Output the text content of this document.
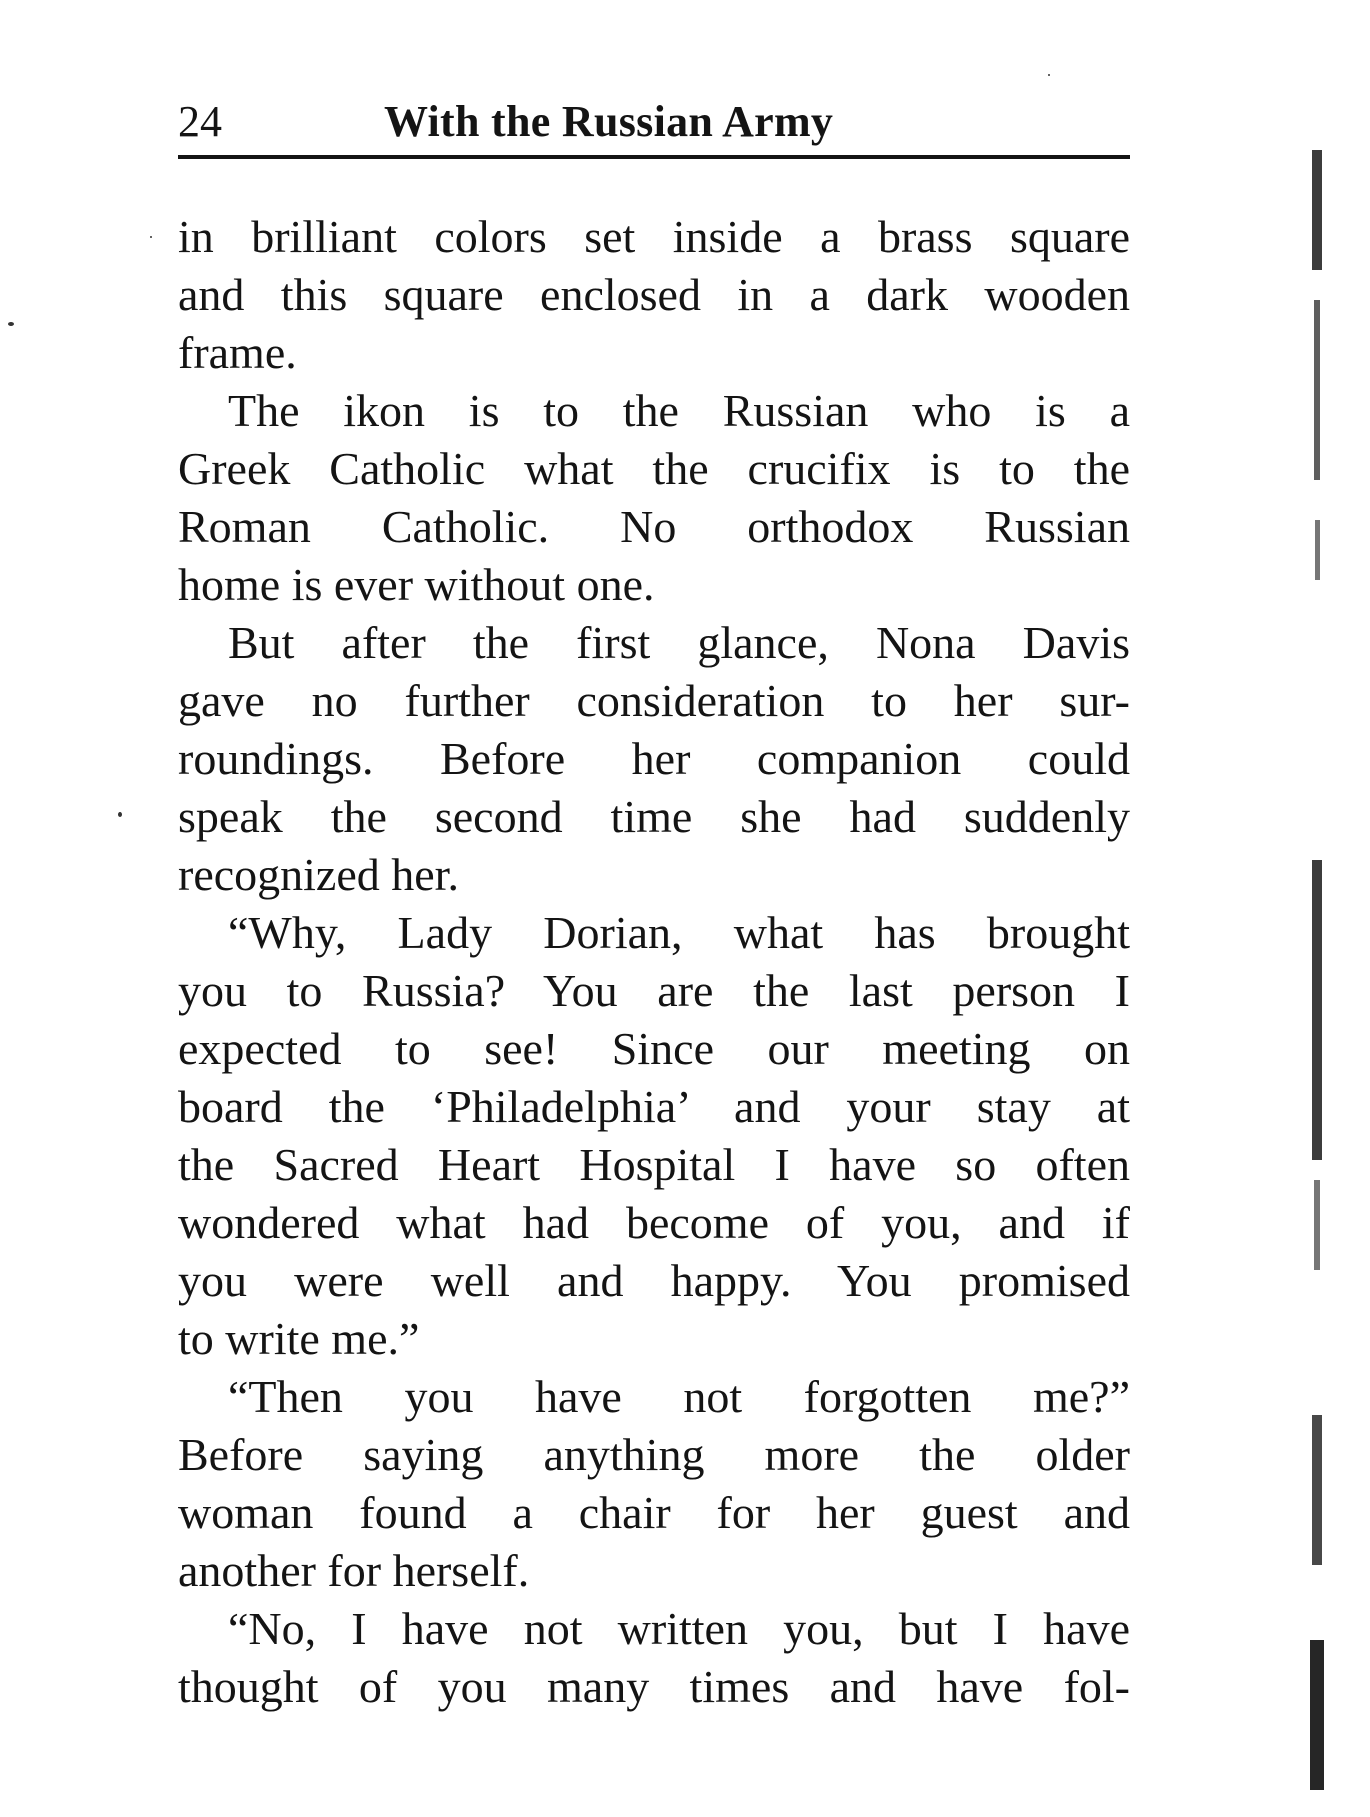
24	With the Russian Army
in brilliant colors set inside a brass square
and this square enclosed in a dark wooden
frame.
The ikon is to the Russian who is a
Greek Catholic what the crucifix is to the
Roman Catholic. No orthodox Russian
home is ever without one.
But after the first glance, Nona Davis
gave no further consideration to her sur-
roundings. Before her companion could
speak the second time she had suddenly
recognized her.
“Why, Lady Dorian, what has brought
you to Russia? You are the last person I
expected to see! Since our meeting on
board the ‘Philadelphia’ and your stay at
the Sacred Heart Hospital I have so often
wondered what had become of you, and if
you were well and happy. You promised
to write me.”
“Then you have not forgotten me?”
Before saying anything more the older
woman found a chair for her guest and
another for herself.
“No, I have not written you, but I have
thought of you many times and have fol-
